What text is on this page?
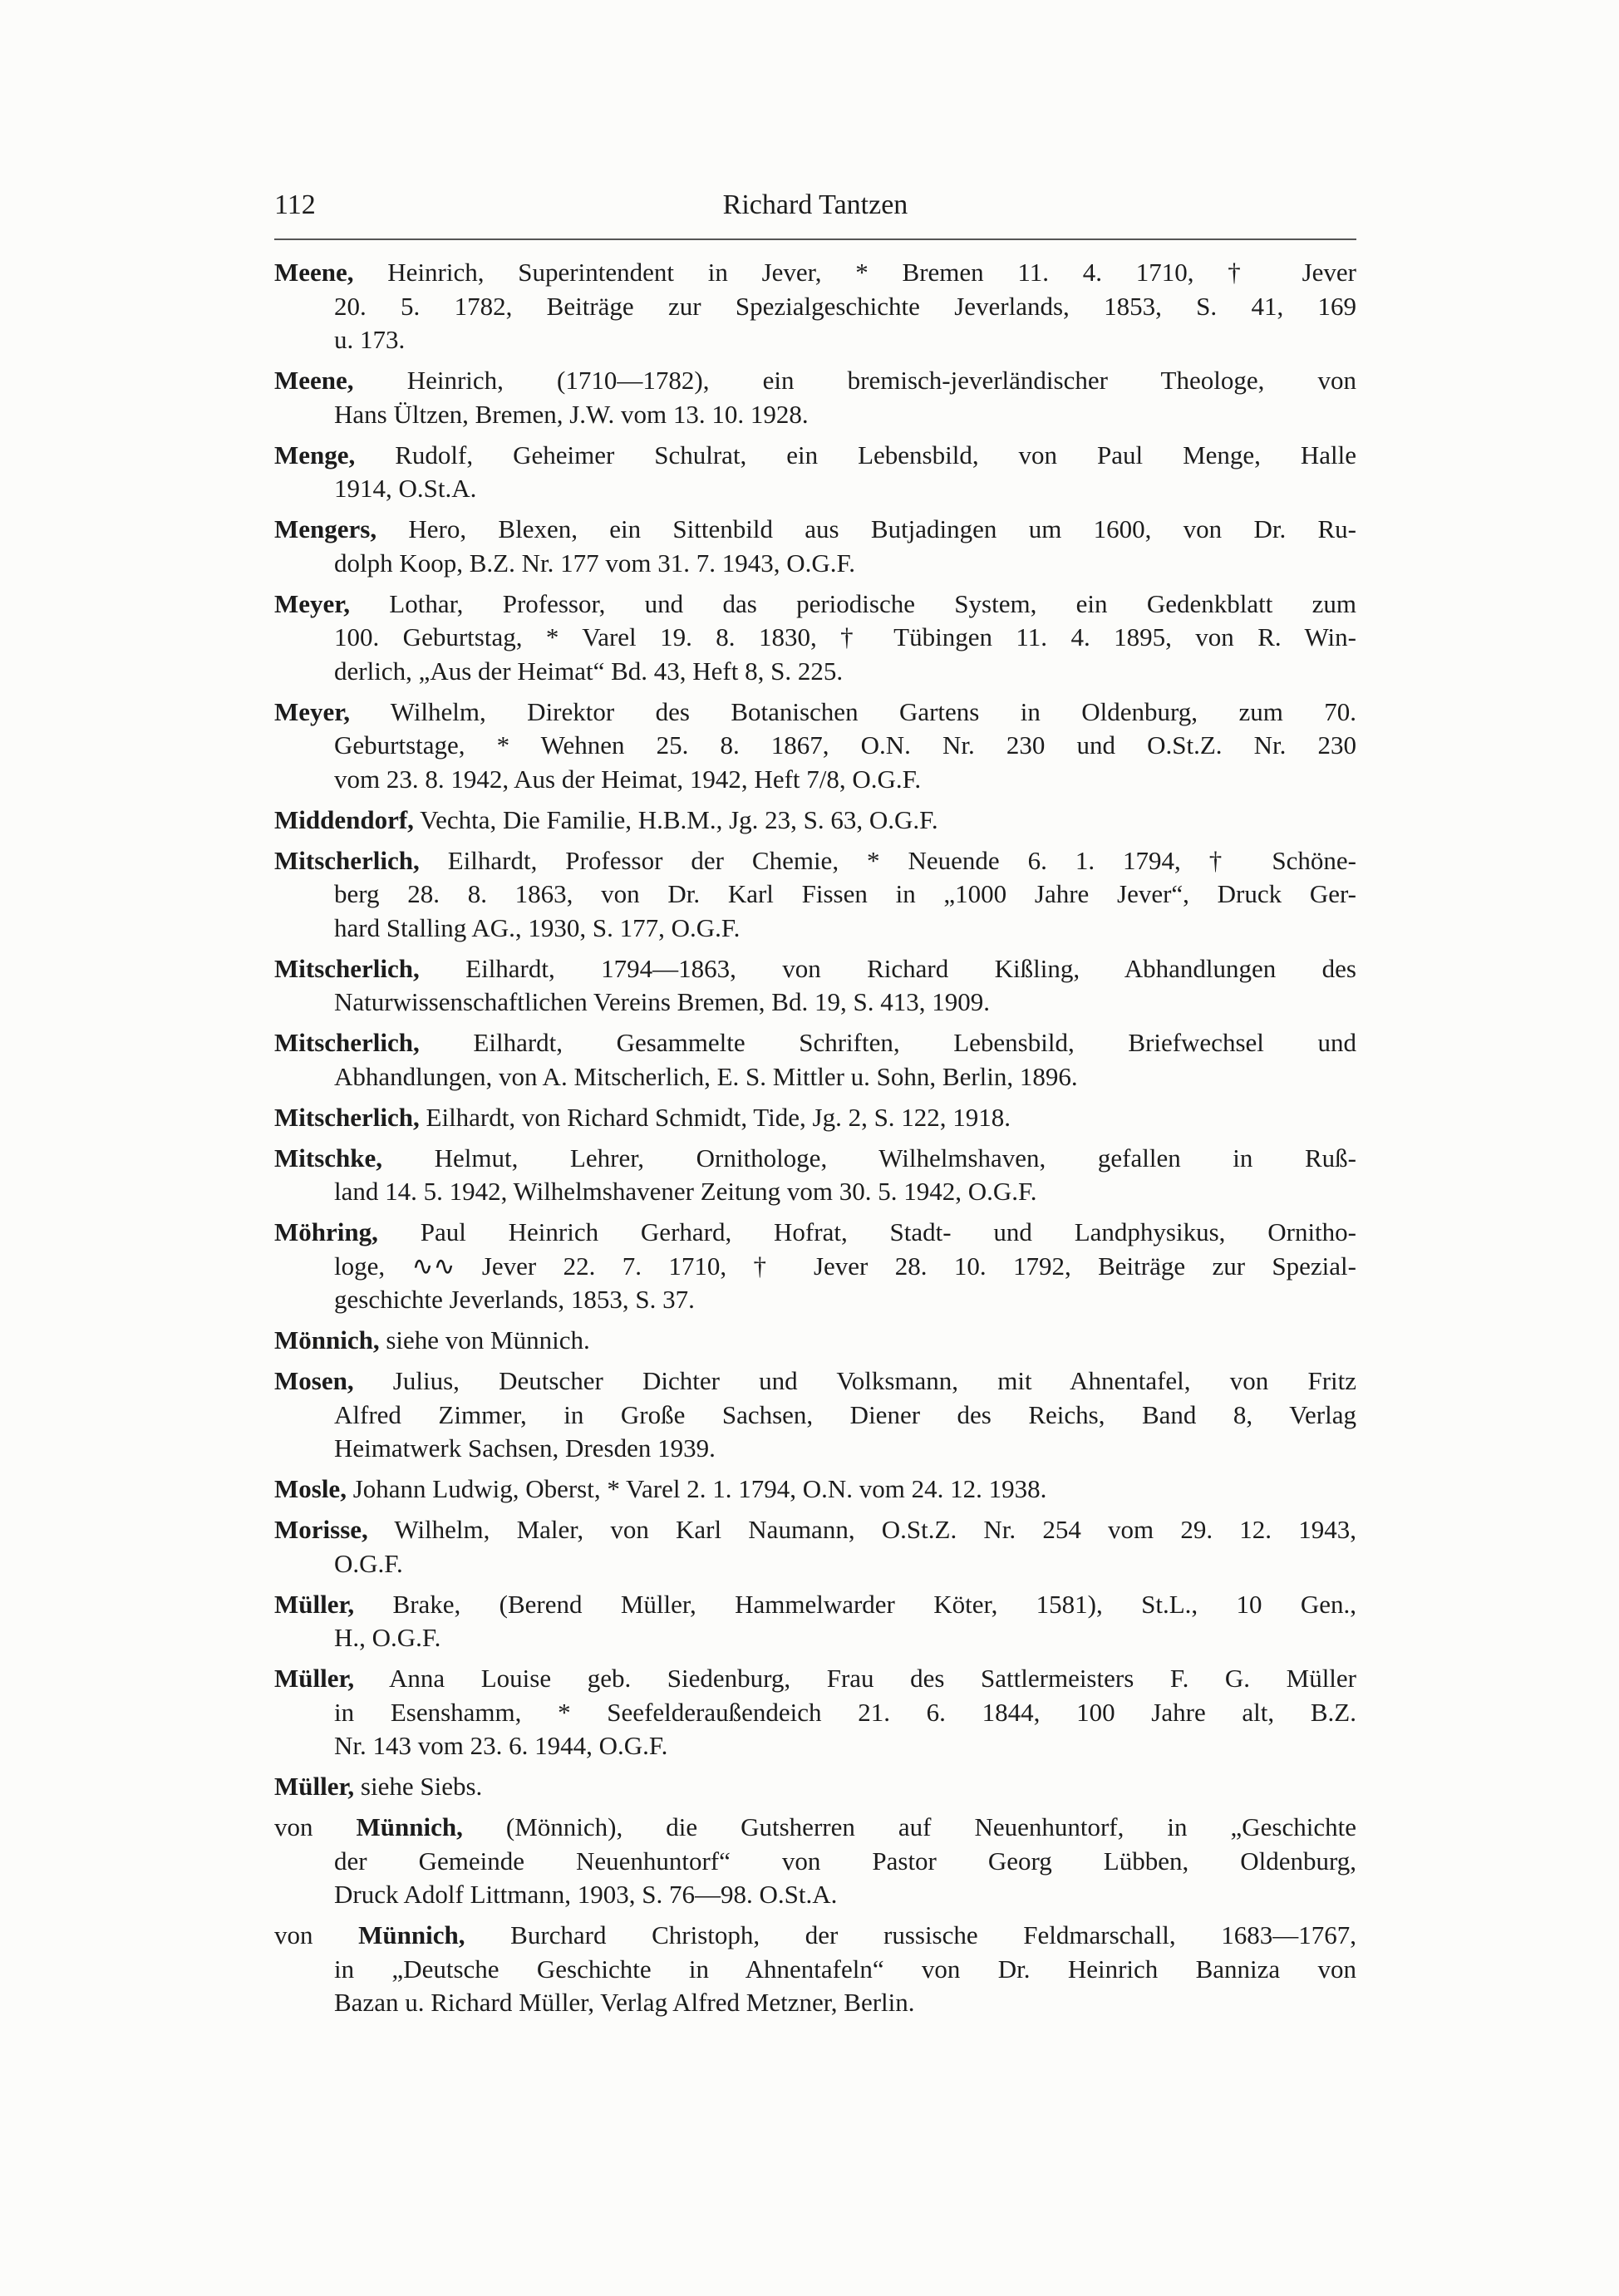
Richard Tantzen
112
Meene, Heinrich, Superintendent in Jever, * Bremen 11. 4. 1710, † Jever
20. 5. 1782, Beiträge zur Spezialgeschichte Jeverlands, 1853, S. 41, 169
u. 173.
Meene, Heinrich, (1710—1782), ein bremisch-jeverländischer Theologe, von
Hans Ültzen, Bremen, J.W. vom 13. 10. 1928.
Menge, Rudolf, Geheimer Schulrat, ein Lebensbild, von Paul Menge, Halle
1914, O.St.A.
Mengers, Hero, Blexen, ein Sittenbild aus Butjadingen um 1600, von Dr. Ru-
dolph Koop, B.Z. Nr. 177 vom 31. 7. 1943, O.G.F.
Meyer, Lothar, Professor, und das periodische System, ein Gedenkblatt zum
100. Geburtstag, * Varel 19. 8. 1830, † Tübingen 11. 4. 1895, von R. Win-
derlich, „Aus der Heimat“ Bd. 43, Heft 8, S. 225.
Meyer, Wilhelm, Direktor des Botanischen Gartens in Oldenburg, zum 70.
Geburtstage, * Wehnen 25. 8. 1867, O.N. Nr. 230 und O.St.Z. Nr. 230
vom 23. 8. 1942, Aus der Heimat, 1942, Heft 7/8, O.G.F.
Middendorf, Vechta, Die Familie, H.B.M., Jg. 23, S. 63, O.G.F.
Mitscherlich, Eilhardt, Professor der Chemie, * Neuende 6. 1. 1794, † Schöne-
berg 28. 8. 1863, von Dr. Karl Fissen in „1000 Jahre Jever“, Druck Ger-
hard Stalling AG., 1930, S. 177, O.G.F.
Mitscherlich, Eilhardt, 1794—1863, von Richard Kißling, Abhandlungen des
Naturwissenschaftlichen Vereins Bremen, Bd. 19, S. 413, 1909.
Mitscherlich, Eilhardt, Gesammelte Schriften, Lebensbild, Briefwechsel und
Abhandlungen, von A. Mitscherlich, E. S. Mittler u. Sohn, Berlin, 1896.
Mitscherlich, Eilhardt, von Richard Schmidt, Tide, Jg. 2, S. 122, 1918.
Mitschke, Helmut, Lehrer, Ornithologe, Wilhelmshaven, gefallen in Ruß-
land 14. 5. 1942, Wilhelmshavener Zeitung vom 30. 5. 1942, O.G.F.
Möhring, Paul Heinrich Gerhard, Hofrat, Stadt- und Landphysikus, Ornitho-
loge, ∿∿ Jever 22. 7. 1710, † Jever 28. 10. 1792, Beiträge zur Spezial-
geschichte Jeverlands, 1853, S. 37.
Mönnich, siehe von Münnich.
Mosen, Julius, Deutscher Dichter und Volksmann, mit Ahnentafel, von Fritz
Alfred Zimmer, in Große Sachsen, Diener des Reichs, Band 8, Verlag
Heimatwerk Sachsen, Dresden 1939.
Mosle, Johann Ludwig, Oberst, * Varel 2. 1. 1794, O.N. vom 24. 12. 1938.
Morisse, Wilhelm, Maler, von Karl Naumann, O.St.Z. Nr. 254 vom 29. 12. 1943,
O.G.F.
Müller, Brake, (Berend Müller, Hammelwarder Köter, 1581), St.L., 10 Gen.,
H., O.G.F.
Müller, Anna Louise geb. Siedenburg, Frau des Sattlermeisters F. G. Müller
in Esenshamm, * Seefelderaußendeich 21. 6. 1844, 100 Jahre alt, B.Z.
Nr. 143 vom 23. 6. 1944, O.G.F.
Müller, siehe Siebs.
von Münnich, (Mönnich), die Gutsherren auf Neuenhuntorf, in „Geschichte
der Gemeinde Neuenhuntorf“ von Pastor Georg Lübben, Oldenburg,
Druck Adolf Littmann, 1903, S. 76—98. O.St.A.
von Münnich, Burchard Christoph, der russische Feldmarschall, 1683—1767,
in „Deutsche Geschichte in Ahnentafeln“ von Dr. Heinrich Banniza von
Bazan u. Richard Müller, Verlag Alfred Metzner, Berlin.
